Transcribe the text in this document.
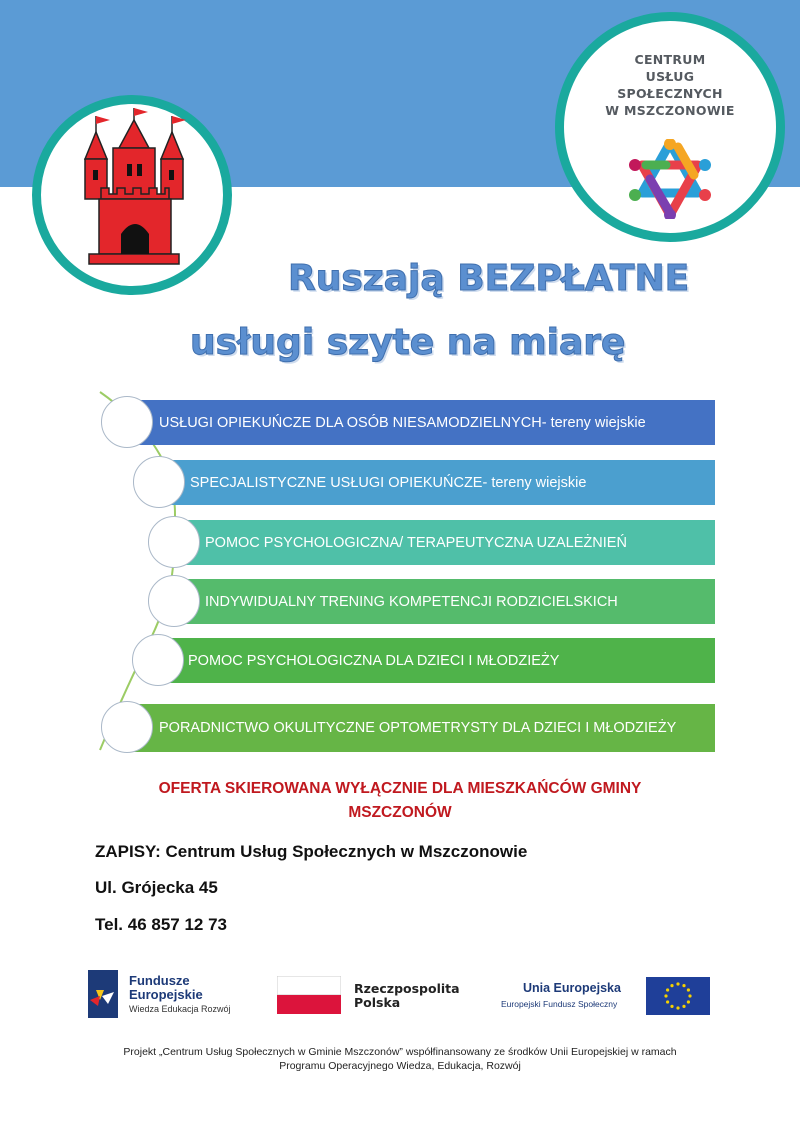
CENTRUM
USŁUG
SPOŁECZNYCH
W MSZCZONOWIE
Ruszają BEZPŁATNE
usługi szyte na miarę
USŁUGI OPIEKUŃCZE DLA OSÓB NIESAMODZIELNYCH- tereny wiejskie
SPECJALISTYCZNE USŁUGI OPIEKUŃCZE- tereny wiejskie
POMOC PSYCHOLOGICZNA/ TERAPEUTYCZNA UZALEŻNIEŃ
INDYWIDUALNY TRENING KOMPETENCJI RODZICIELSKICH
POMOC PSYCHOLOGICZNA DLA DZIECI I MŁODZIEŻY
PORADNICTWO OKULITYCZNE OPTOMETRYSTY DLA DZIECI I MŁODZIEŻY
OFERTA SKIEROWANA WYŁĄCZNIE DLA MIESZKAŃCÓW GMINY MSZCZONÓW
ZAPISY: Centrum Usług Społecznych w Mszczonowie
Ul. Grójecka 45
Tel. 46 857 12 73
Fundusze
Europejskie
Wiedza Edukacja Rozwój
Rzeczpospolita
Polska
Unia Europejska
Europejski Fundusz Społeczny
Projekt „Centrum Usług Społecznych w Gminie Mszczonów” współfinansowany ze środków Unii Europejskiej w ramach Programu Operacyjnego Wiedza, Edukacja, Rozwój
